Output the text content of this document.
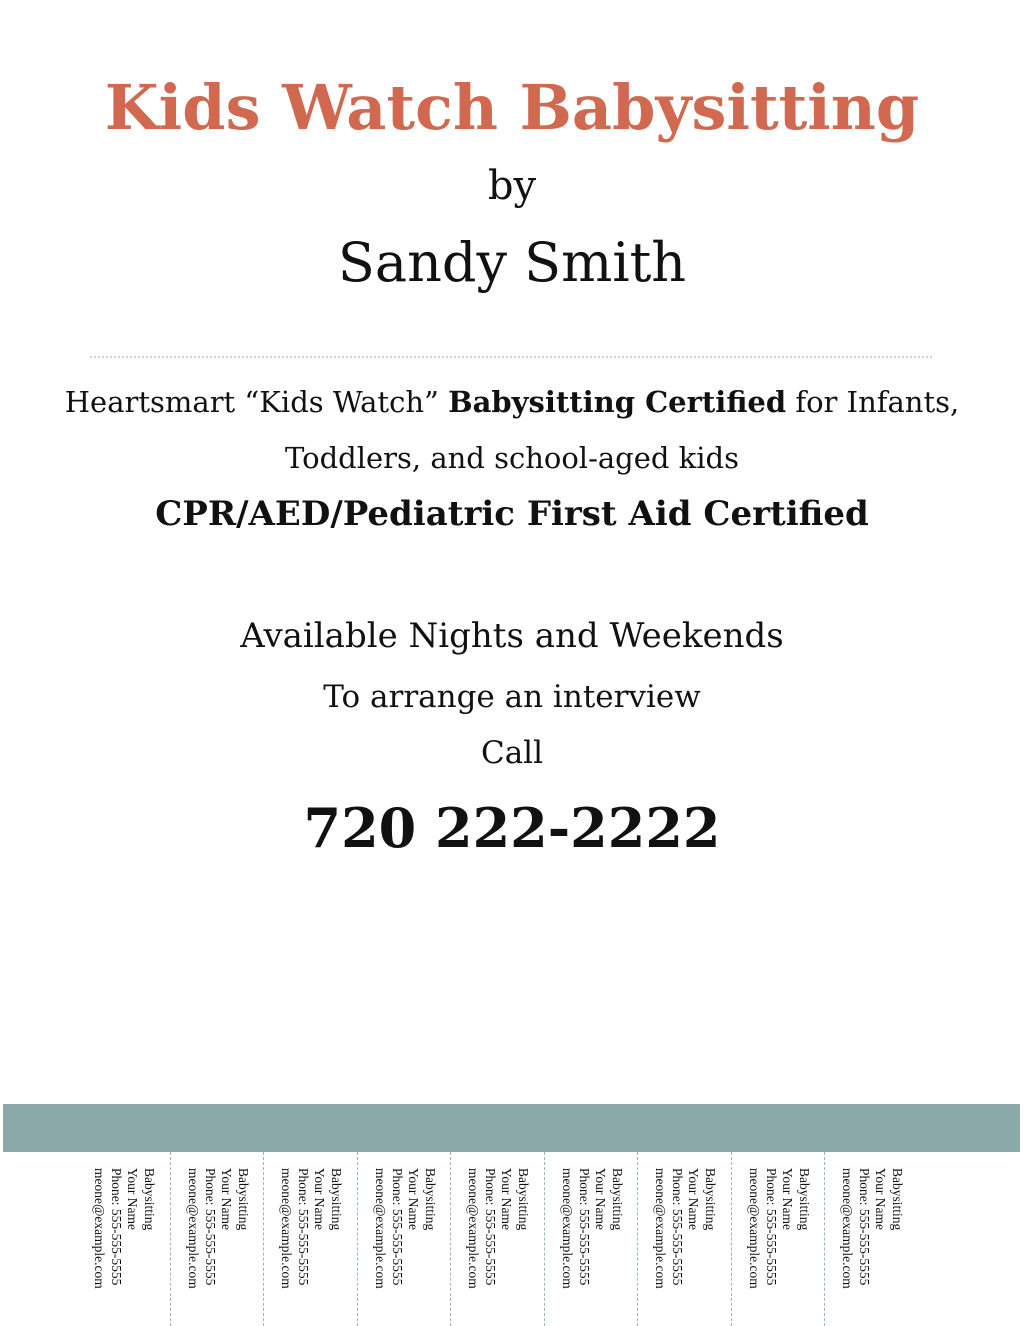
Kids Watch Babysitting
by
Sandy Smith
Heartsmart “Kids Watch” Babysitting Certified for Infants, Toddlers, and school-aged kids
CPR/AED/Pediatric First Aid Certified
Available Nights and Weekends
To arrange an interview
Call
720 222-2222
Babysitting
Your Name
Phone: 555-555-5555
meone@example.com	Babysitting
Your Name
Phone: 555-555-5555
meone@example.com	Babysitting
Your Name
Phone: 555-555-5555
meone@example.com	Babysitting
Your Name
Phone: 555-555-5555
meone@example.com	Babysitting
Your Name
Phone: 555-555-5555
meone@example.com	Babysitting
Your Name
Phone: 555-555-5555
meone@example.com	Babysitting
Your Name
Phone: 555-555-5555
meone@example.com	Babysitting
Your Name
Phone: 555-555-5555
meone@example.com	Babysitting
Your Name
Phone: 555-555-5555
meone@example.com
